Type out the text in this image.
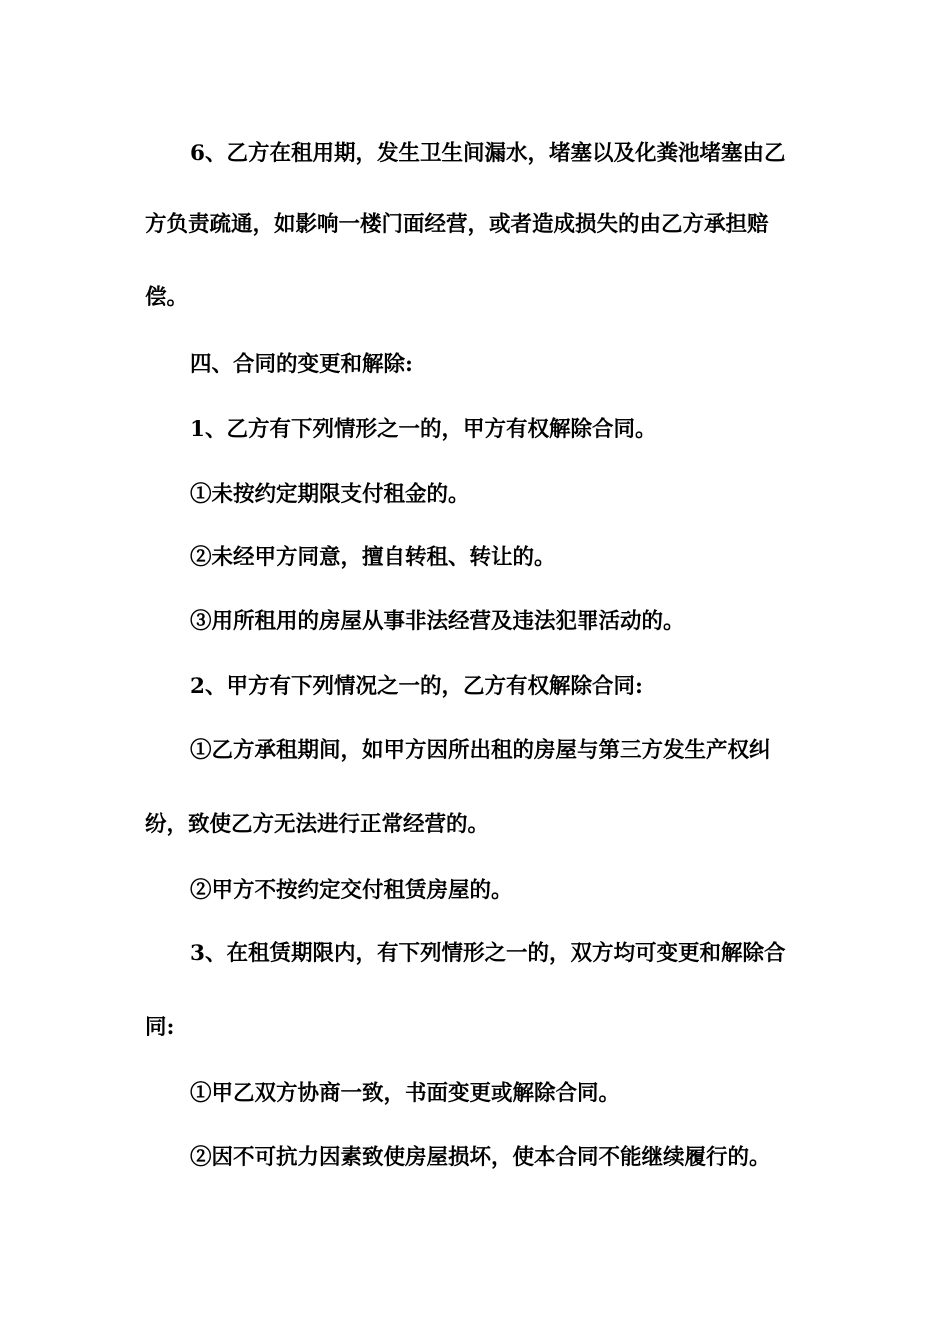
6、乙方在租用期，发生卫生间漏水，堵塞以及化粪池堵塞由乙
方负责疏通，如影响一楼门面经营，或者造成损失的由乙方承担赔
偿。
四、合同的变更和解除:
1、乙方有下列情形之一的，甲方有权解除合同。
①未按约定期限支付租金的。
②未经甲方同意，擅自转租、转让的。
③用所租用的房屋从事非法经营及违法犯罪活动的。
2、甲方有下列情况之一的，乙方有权解除合同:
①乙方承租期间，如甲方因所出租的房屋与第三方发生产权纠
纷，致使乙方无法进行正常经营的。
②甲方不按约定交付租赁房屋的。
3、在租赁期限内，有下列情形之一的，双方均可变更和解除合
同:
①甲乙双方协商一致，书面变更或解除合同。
②因不可抗力因素致使房屋损坏，使本合同不能继续履行的。
